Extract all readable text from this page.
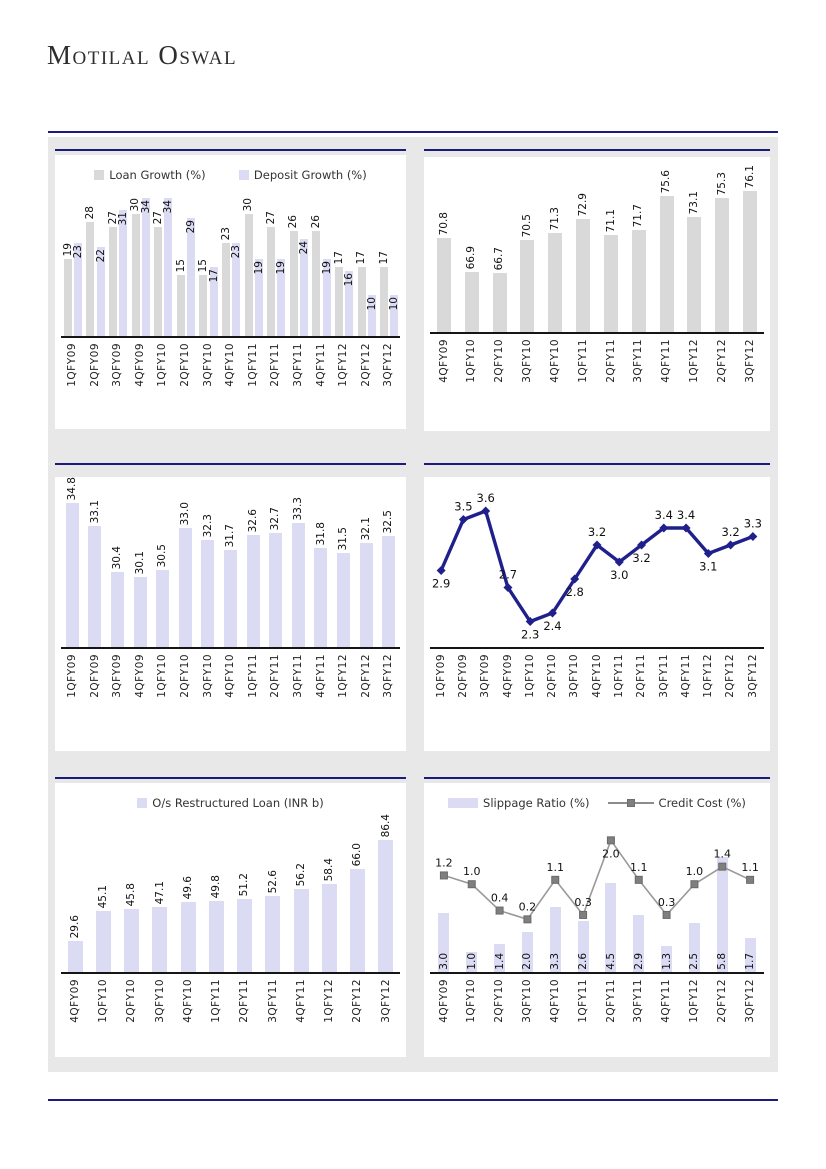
Motilal Oswal
Loan Growth (%)	Deposit Growth (%)
19
23
28
22
27
31
30
34
27
34
15
29
15
17
23
23
30
19
27
19
26
24
26
19
17
16
17
10
17
10
1QFY09 2QFY09 3QFY09 4QFY09 1QFY10 2QFY10 3QFY10 4QFY10 1QFY11 2QFY11 3QFY11 4QFY11 1QFY12 2QFY12 3QFY12
70.8
66.9 66.7
70.5 71.3
72.9
71.1 71.7
75.6
73.1
75.3 76.1
4QFY09 1QFY10 2QFY10 3QFY10 4QFY10 1QFY11 2QFY11 3QFY11 4QFY11 1QFY12 2QFY12 3QFY12
34.8
33.1
30.4 30.1 30.5
33.0
32.3 31.7
32.6 32.7 33.3
31.8 31.5 32.1 32.5
1QFY09 2QFY09 3QFY09 4QFY09 1QFY10 2QFY10 3QFY10 4QFY10 1QFY11 2QFY11 3QFY11 4QFY11 1QFY12 2QFY12 3QFY12
2.9
3.5
3.6
2.7
2.3
2.4
2.8
3.2
3.0
3.2
3.4 3.4
3.1
3.2
3.3
1QFY09 2QFY09 3QFY09 4QFY09 1QFY10 2QFY10 3QFY10 4QFY10 1QFY11 2QFY11 3QFY11 4QFY11 1QFY12 2QFY12 3QFY12
O/s Restructured Loan (INR b)
29.6
45.1 45.8 47.1 49.6 49.8 51.2 52.6 56.2 58.4
66.0
86.4
4QFY09 1QFY10 2QFY10 3QFY10 4QFY10 1QFY11 2QFY11 3QFY11 4QFY11 1QFY12 2QFY12 3QFY12
Slippage Ratio (%)	Credit Cost (%)
3.0 1.0 1.4 2.0 3.3 2.6 4.5 2.9 1.3 2.5 5.8 1.7
1.2
1.0
0.4
0.2
1.1
0.3
2.0
1.1
0.3
1.0
1.4
1.1
4QFY09 1QFY10 2QFY10 3QFY10 4QFY10 1QFY11 2QFY11 3QFY11 4QFY11 1QFY12 2QFY12 3QFY12
